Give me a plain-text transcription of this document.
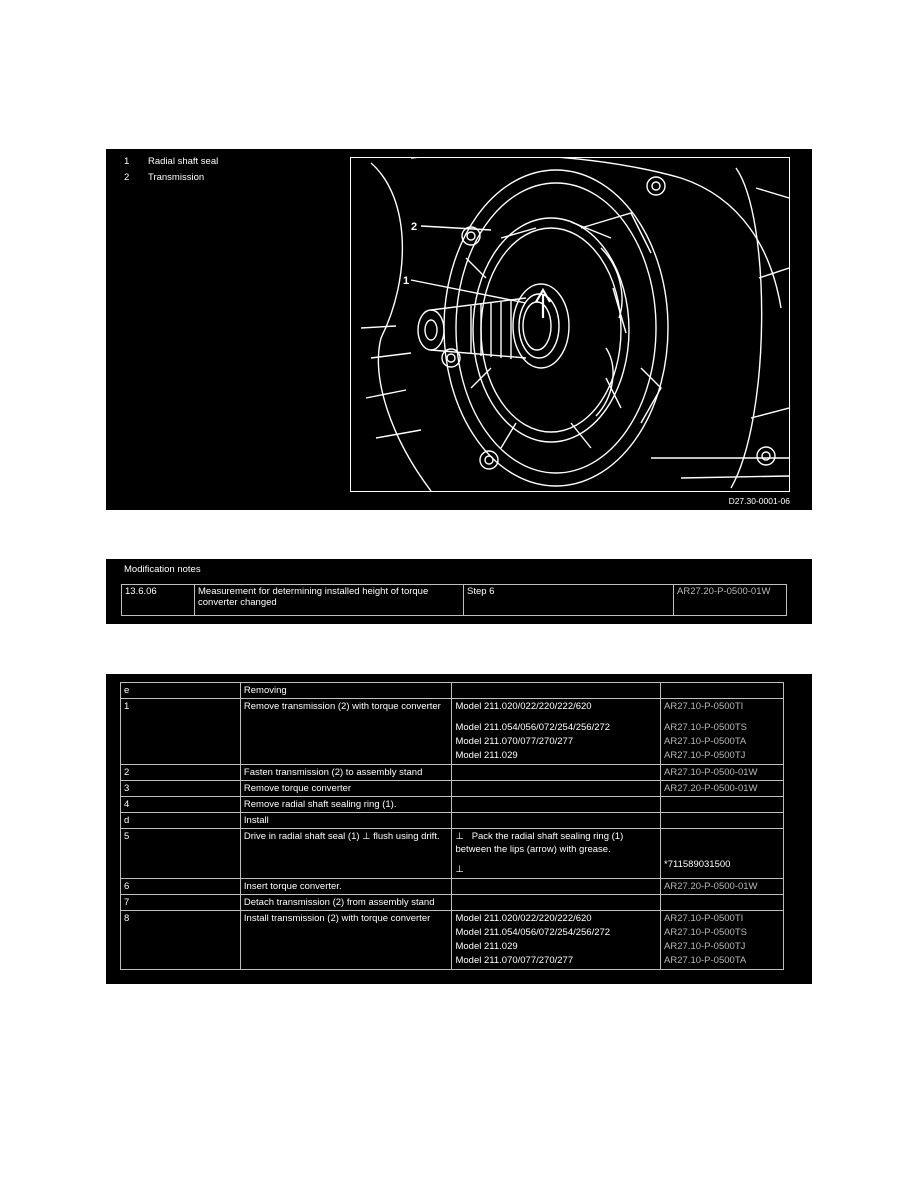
1	Radial shaft seal
2	Transmission
1
2
D27.30-0001-06
Modification notes
13.6.06	Measurement for determining installed height of torque converter changed	Step 6	AR27.20-P-0500-01W
e	Removing		
1	Remove transmission (2) with torque converter	Model 211.020/022/220/222/620
Model 211.054/056/072/254/256/272
Model 211.070/077/270/277
Model 211.029	AR27.10-P-0500TI
AR27.10-P-0500TS
AR27.10-P-0500TA
AR27.10-P-0500TJ

2	Fasten transmission (2) to assembly stand		AR27.10-P-0500-01W
3	Remove torque converter		AR27.20-P-0500-01W
4	Remove radial shaft sealing ring (1).		
d	Install		
5	Drive in radial shaft seal (1) ⊥ flush using drift.	⊥ Pack the radial shaft sealing ring (1) between the lips (arrow) with grease.
⊥	*711589031500

6	Insert torque converter.		AR27.20-P-0500-01W
7	Detach transmission (2) from assembly stand		
8	Install transmission (2) with torque converter	Model 211.020/022/220/222/620
Model 211.054/056/072/254/256/272
Model 211.029
Model 211.070/077/270/277	AR27.10-P-0500TI
AR27.10-P-0500TS
AR27.10-P-0500TJ
AR27.10-P-0500TA
